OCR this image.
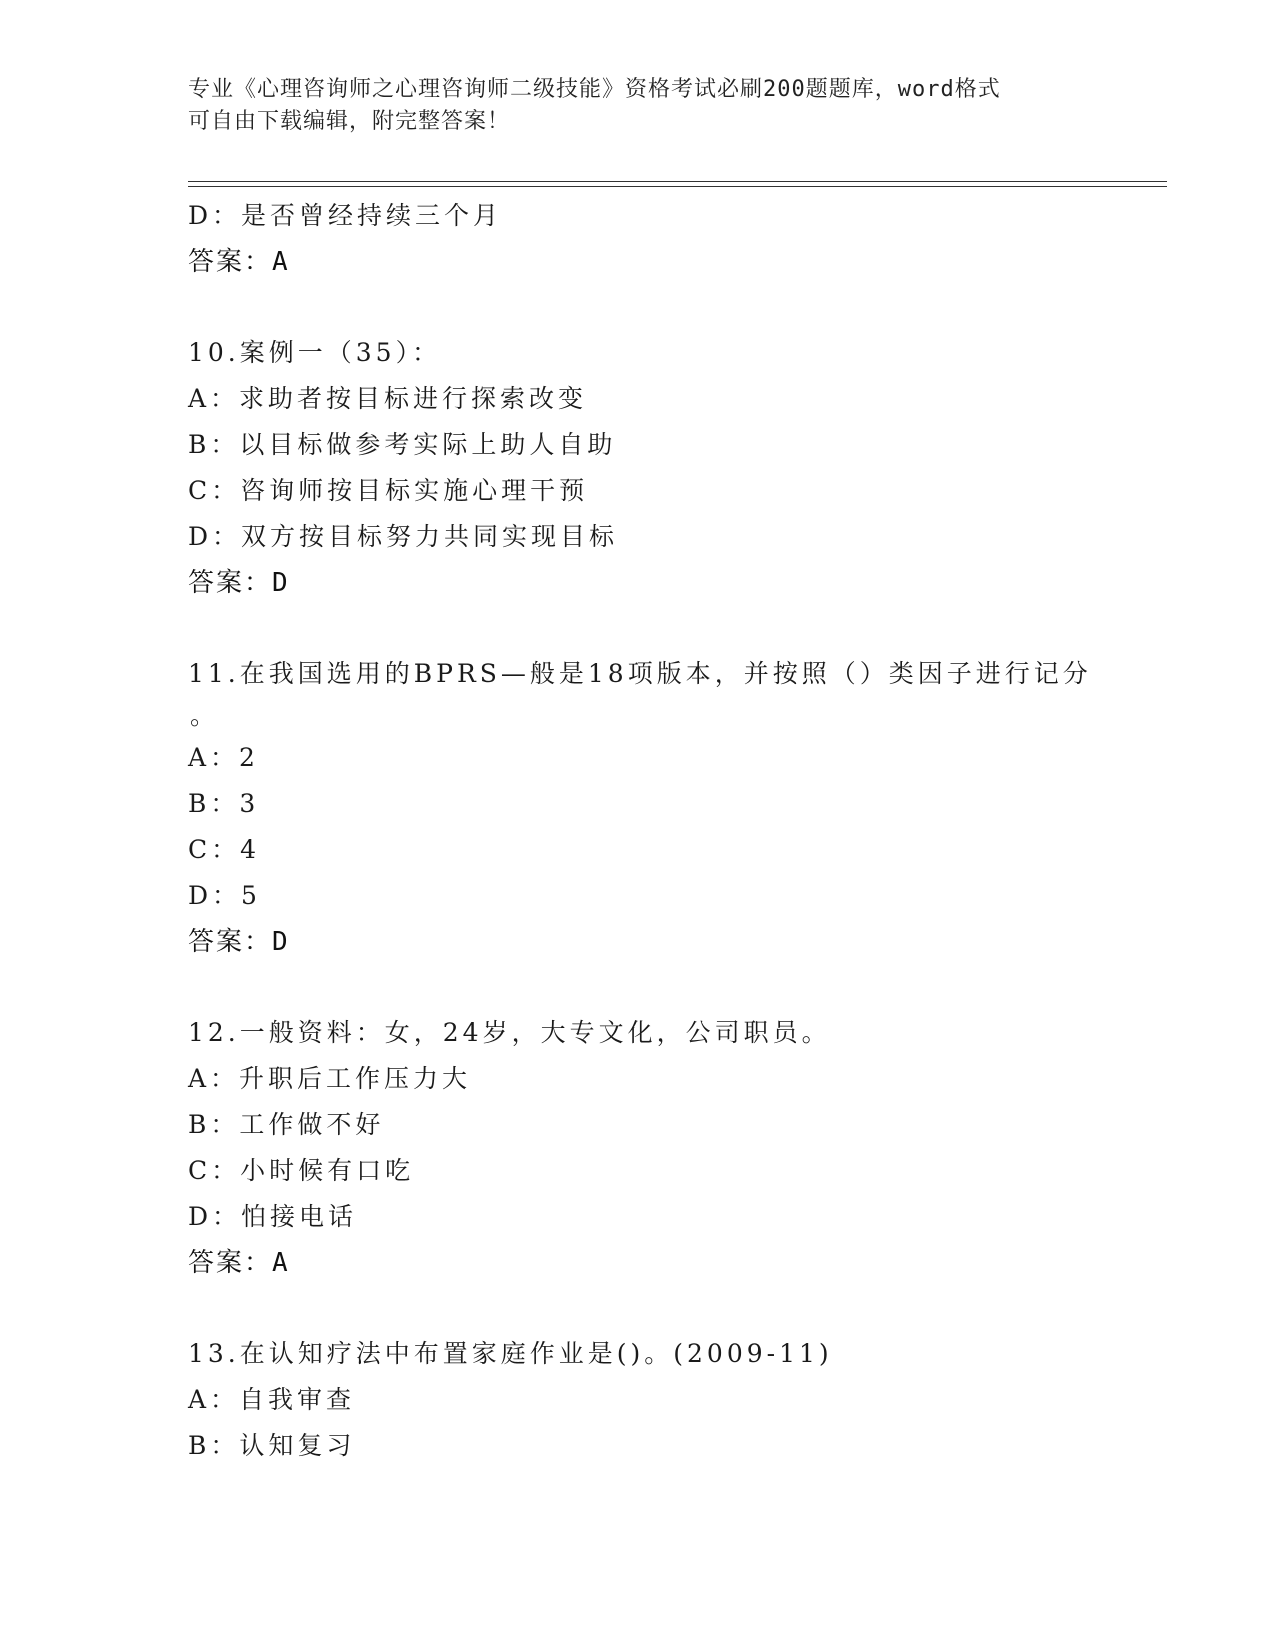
专业《心理咨询师之心理咨询师二级技能》资格考试必刷200题题库，word格式
可自由下载编辑，附完整答案！
D：是否曾经持续三个月
答案：A
10.案例一（35）：
A：求助者按目标进行探索改变
B：以目标做参考实际上助人自助
C：咨询师按目标实施心理干预
D：双方按目标努力共同实现目标
答案：D
11.在我国选用的BPRS—般是18项版本，并按照（）类因子进行记分
。
A：2
B：3
C：4
D：5
答案：D
12.一般资料：女，24岁，大专文化，公司职员。
A：升职后工作压力大
B：工作做不好
C：小时候有口吃
D：怕接电话
答案：A
13.在认知疗法中布置家庭作业是()。(2009-11)
A：自我审查
B：认知复习
